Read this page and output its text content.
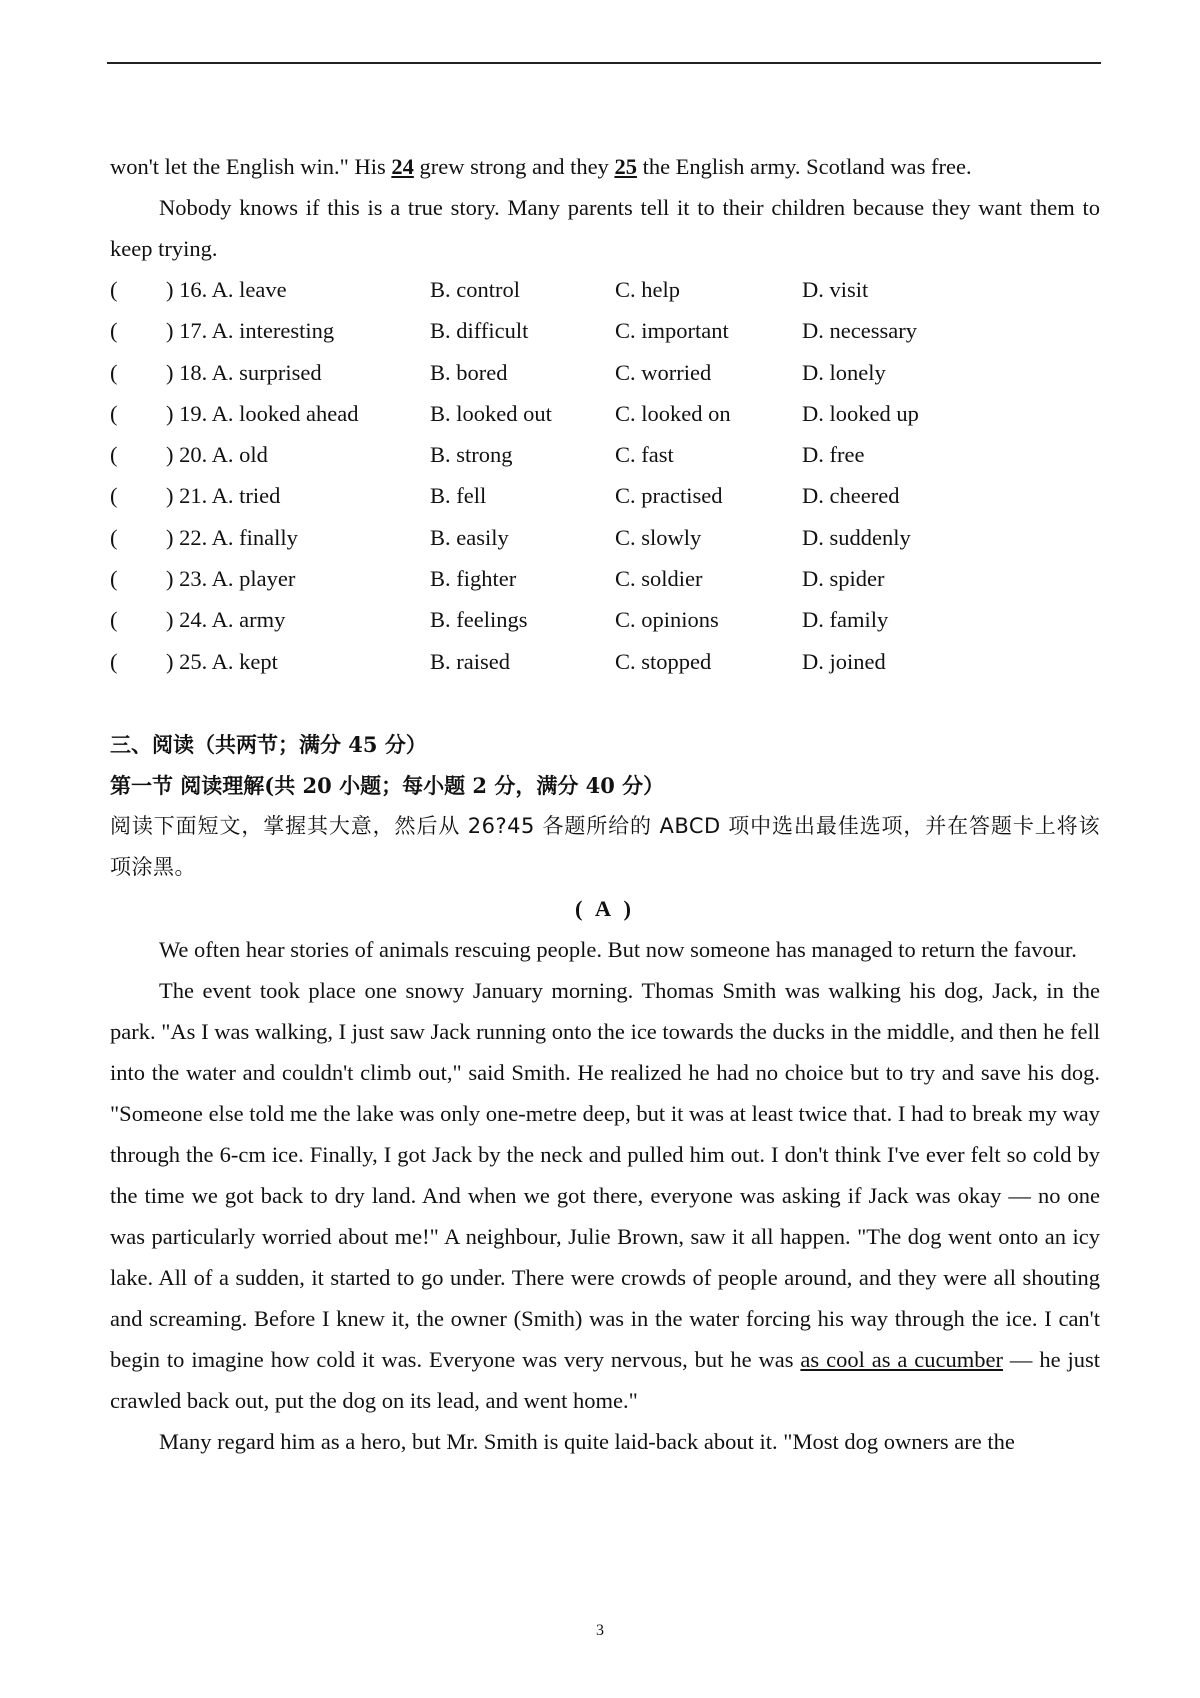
won't let the English win." His 24 grew strong and they 25 the English army. Scotland was free.

Nobody knows if this is a true story. Many parents tell it to their children because they want them to keep trying.

( ) 16. A. leave	B. control	C. help	D. visit
( ) 17. A. interesting	B. difficult	C. important	D. necessary
( ) 18. A. surprised	B. bored	C. worried	D. lonely
( ) 19. A. looked ahead	B. looked out	C. looked on	D. looked up
( ) 20. A. old	B. strong	C. fast	D. free
( ) 21. A. tried	B. fell	C. practised	D. cheered
( ) 22. A. finally	B. easily	C. slowly	D. suddenly
( ) 23. A. player	B. fighter	C. soldier	D. spider
( ) 24. A. army	B. feelings	C. opinions	D. family
( ) 25. A. kept	B. raised	C. stopped	D. joined
三、阅读（共两节；满分 45 分）
第一节 阅读理解(共 20 小题；每小题 2 分，满分 40 分）

阅读下面短文，掌握其大意，然后从 26?45 各题所给的 ABCD 项中选出最佳选项，并在答题卡上将该项涂黑。

( A )

We often hear stories of animals rescuing people. But now someone has managed to return the favour.

The event took place one snowy January morning. Thomas Smith was walking his dog, Jack, in the park. "As I was walking, I just saw Jack running onto the ice towards the ducks in the middle, and then he fell into the water and couldn't climb out," said Smith. He realized he had no choice but to try and save his dog. "Someone else told me the lake was only one-metre deep, but it was at least twice that. I had to break my way through the 6-cm ice. Finally, I got Jack by the neck and pulled him out. I don't think I've ever felt so cold by the time we got back to dry land. And when we got there, everyone was asking if Jack was okay — no one was particularly worried about me!" A neighbour, Julie Brown, saw it all happen. "The dog went onto an icy lake. All of a sudden, it started to go under. There were crowds of people around, and they were all shouting and screaming. Before I knew it, the owner (Smith) was in the water forcing his way through the ice. I can't begin to imagine how cold it was. Everyone was very nervous, but he was as cool as a cucumber — he just crawled back out, put the dog on its lead, and went home."

Many regard him as a hero, but Mr. Smith is quite laid-back about it. "Most dog owners are the

3
